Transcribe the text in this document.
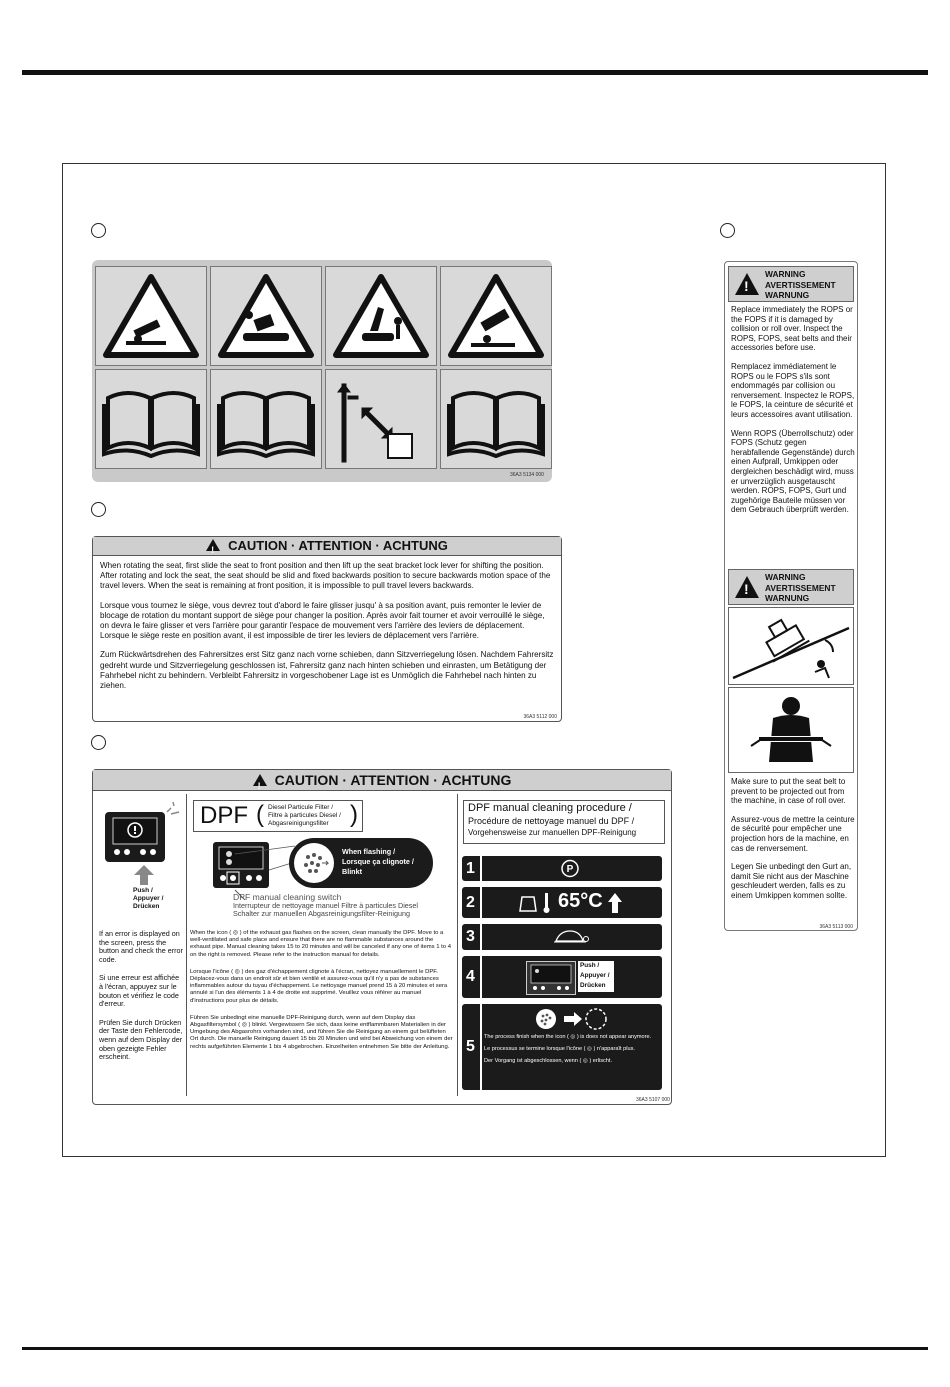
36A3 5134 000
!CAUTION · ATTENTION · ACHTUNG

When rotating the seat, first slide the seat to front position and then lift up the seat bracket lock lever for shifting the position. After rotating and lock the seat, the seat should be slid and fixed backwards position to secure backwards motion space of the travel levers. When the seat is remaining at front position, it is impossible to pull travel levers backwards.

Lorsque vous tournez le siège, vous devrez tout d'abord le faire glisser jusqu' à sa position avant, puis remonter le levier de blocage de rotation du montant support de siège pour changer la position. Après avoir fait tourner et avoir verrouillé le siège, on devra le faire glisser et vers l'arrière pour garantir l'espace de mouvement vers l'arrière des leviers de déplacement. Lorsque le siège reste en position avant, il est impossible de tirer les leviers de déplacement vers l'arrière.

Zum Rückwärtsdrehen des Fahrersitzes erst Sitz ganz nach vorne schieben, dann Sitzverriegelung lösen. Nachdem Fahrersitz gedreht wurde und Sitzverriegelung geschlossen ist, Fahrersitz ganz nach hinten schieben und einrasten, um Betätigung der Fahrhebel nicht zu behindern. Verbleibt Fahrersitz in vorgeschobener Lage ist es Unmöglich die Fahrhebel nach hinten zu ziehen.

36A3 5112 000
!CAUTION · ATTENTION · ACHTUNG
Push /
Appuyer /
Drücken

If an error is displayed on the screen, press the button and check the error code.

Si une erreur est affichée à l'écran, appuyez sur le bouton et vérifiez le code d'erreur.

Prüfen Sie durch Drücken der Taste den Fehlercode, wenn auf dem Display der oben gezeigte Fehler erscheint.

DPF ( Diesel Particule Filter /
Filtre à particules Diesel /
Abgasreinigungsfilter )
When flashing /
Lorsque ça clignote /
Blinkt
DPF manual cleaning switch
Interrupteur de nettoyage manuel Filtre à particules Diesel
Schalter zur manuellen Abgasreinigungsfilter-Reinigung

When the icon ( ◎ ) of the exhaust gas flashes on the screen, clean manually the DPF. Move to a well-ventilated and safe place and ensure that there are no flammable substances around the exhaust pipe. Manual cleaning takes 15 to 20 minutes and will be canceled if any one of items 1 to 4 on the right is removed. Please refer to the instruction manual for details.

Lorsque l'icône ( ◎ ) des gaz d'échappement clignote à l'écran, nettoyez manuellement le DPF. Déplacez-vous dans un endroit sûr et bien ventilé et assurez-vous qu'il n'y a pas de substances inflammables autour du tuyau d'échappement. Le nettoyage manuel prend 15 à 20 minutes et sera annulé si l'un des éléments 1 à 4 de droite est supprimé. Veuillez vous référer au manuel d'instructions pour plus de détails.

Führen Sie unbedingt eine manuelle DPF-Reinigung durch, wenn auf dem Display das Abgasfiltersymbol ( ◎ ) blinkt. Vergewissern Sie sich, dass keine entflammbaren Materialien in der Umgebung des Abgasrohrs vorhanden sind, und führen Sie die Reinigung an einem gut belüfteten Ort durch. Die manuelle Reinigung dauert 15 bis 20 Minuten und wird bei Abweichung von einem der rechts aufgeführten Elemente 1 bis 4 abgebrochen. Einzelheiten entnehmen Sie bitte der Anleitung.

DPF manual cleaning procedure /
Procédure de nettoyage manuel du DPF /
Vorgehensweise zur manuellen DPF-Reinigung
1	P
2	65°C
3
4
Push /
Appuyer /
Drücken
5

The process finish when the icon ( ◎ ) is does not appear anymore.

Le processus se termine lorsque l'icône ( ◎ ) n'apparaît plus.

Der Vorgang ist abgeschlossen, wenn ( ◎ ) erlischt.

36A3 5107 000
!
WARNING
AVERTISSEMENT
WARNUNG

Replace immediately the ROPS or the FOPS if it is damaged by collision or roll over. Inspect the ROPS, FOPS, seat belts and their accessories before use.

Remplacez immédiatement le ROPS ou le FOPS s'ils sont endommagés par collision ou renversement. Inspectez le ROPS, le FOPS, la ceinture de sécurité et leurs accessoires avant utilisation.

Wenn ROPS (Überrollschutz) oder FOPS (Schutz gegen herabfallende Gegenstände) durch einen Aufprall, Umkippen oder dergleichen beschädigt wird, muss er unverzüglich ausgetauscht werden. ROPS, FOPS, Gurt und zugehörige Bauteile müssen vor dem Gebrauch überprüft werden.

!
WARNING
AVERTISSEMENT
WARNUNG

Make sure to put the seat belt to prevent to be projected out from the machine, in case of roll over.

Assurez-vous de mettre la ceinture de sécurité pour empêcher une projection hors de la machine, en cas de renversement.

Legen Sie unbedingt den Gurt an, damit Sie nicht aus der Maschine geschleudert werden, falls es zu einem Umkippen kommen sollte.

36A3 5113 000
